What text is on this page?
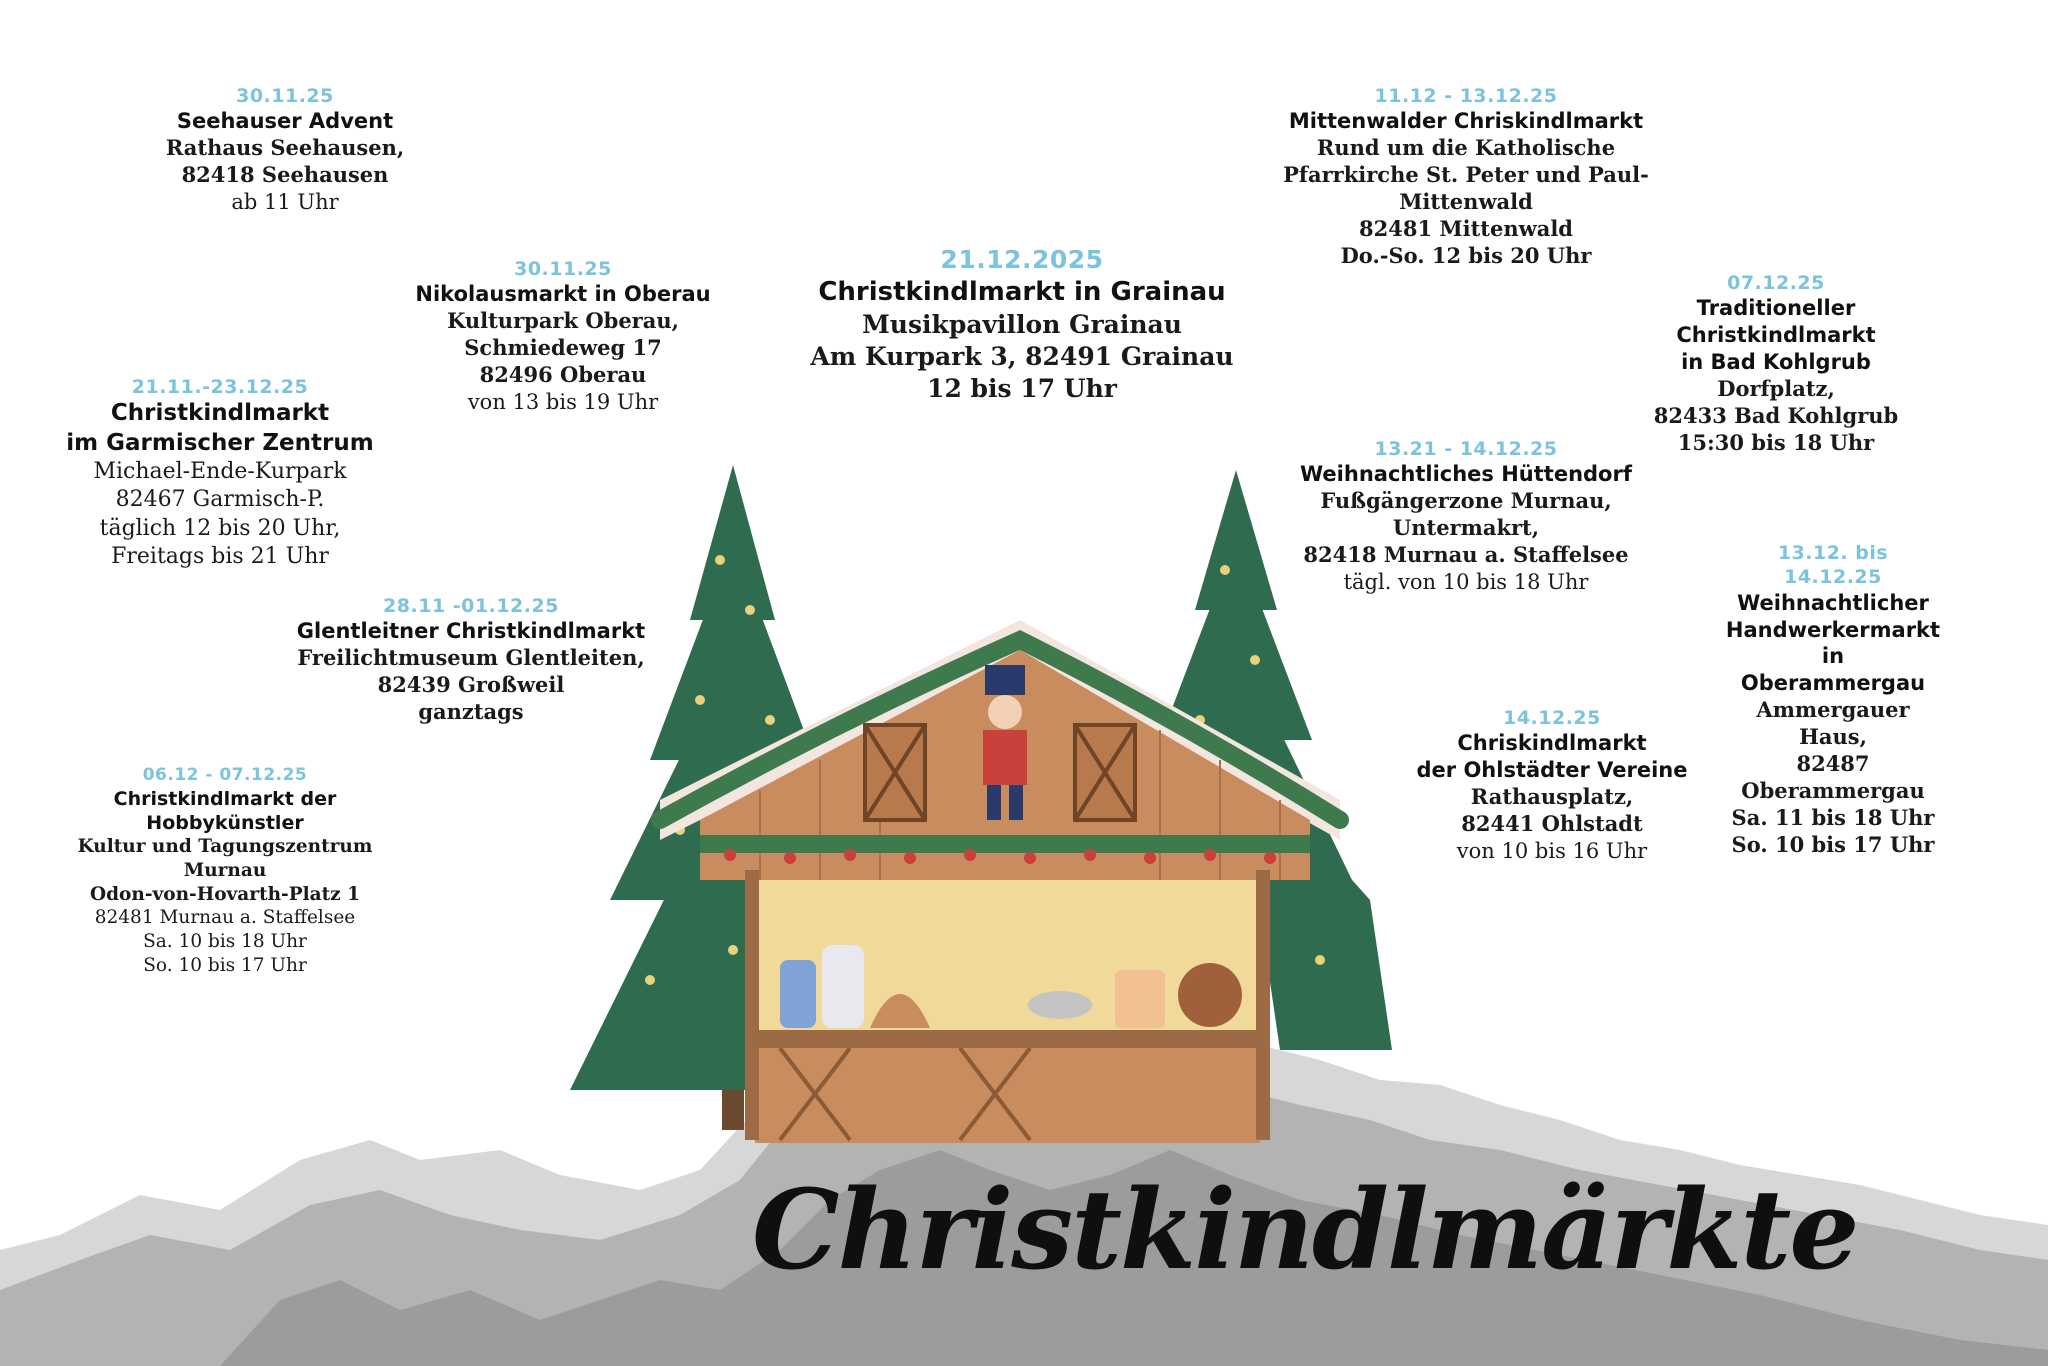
30.11.25
Seehauser Advent
Rathaus Seehausen,
82418 Seehausen
ab 11 Uhr
30.11.25
Nikolausmarkt in Oberau
Kulturpark Oberau,
Schmiedeweg 17
82496 Oberau
von 13 bis 19 Uhr
21.11.-23.12.25
Christkindlmarkt
im Garmischer Zentrum
Michael-Ende-Kurpark
82467 Garmisch-P.
täglich 12 bis 20 Uhr,
Freitags bis 21 Uhr
28.11 -01.12.25
Glentleitner Christkindlmarkt
Freilichtmuseum Glentleiten,
82439 Großweil
ganztags
06.12 - 07.12.25
Christkindlmarkt der
Hobbykünstler
Kultur und Tagungszentrum
Murnau
Odon-von-Hovarth-Platz 1
82481 Murnau a. Staffelsee
Sa. 10 bis 18 Uhr
So. 10 bis 17 Uhr
21.12.2025
Christkindlmarkt in Grainau
Musikpavillon Grainau
Am Kurpark 3, 82491 Grainau
12 bis 17 Uhr
11.12 - 13.12.25
Mittenwalder Chriskindlmarkt
Rund um die Katholische
Pfarrkirche St. Peter und Paul-
Mittenwald
82481 Mittenwald
Do.-So. 12 bis 20 Uhr
07.12.25
Traditioneller Christkindlmarkt
in Bad Kohlgrub
Dorfplatz,
82433 Bad Kohlgrub
15:30 bis 18 Uhr
13.21 - 14.12.25
Weihnachtliches Hüttendorf
Fußgängerzone Murnau,
Untermakrt,
82418 Murnau a. Staffelsee
tägl. von 10 bis 18 Uhr
13.12. bis 14.12.25
Weihnachtlicher
Handwerkermarkt in
Oberammergau
Ammergauer Haus,
82487 Oberammergau
Sa. 11 bis 18 Uhr
So. 10 bis 17 Uhr
14.12.25
Chriskindlmarkt
der Ohlstädter Vereine
Rathausplatz,
82441 Ohlstadt
von 10 bis 16 Uhr
Christkindlmärkte
